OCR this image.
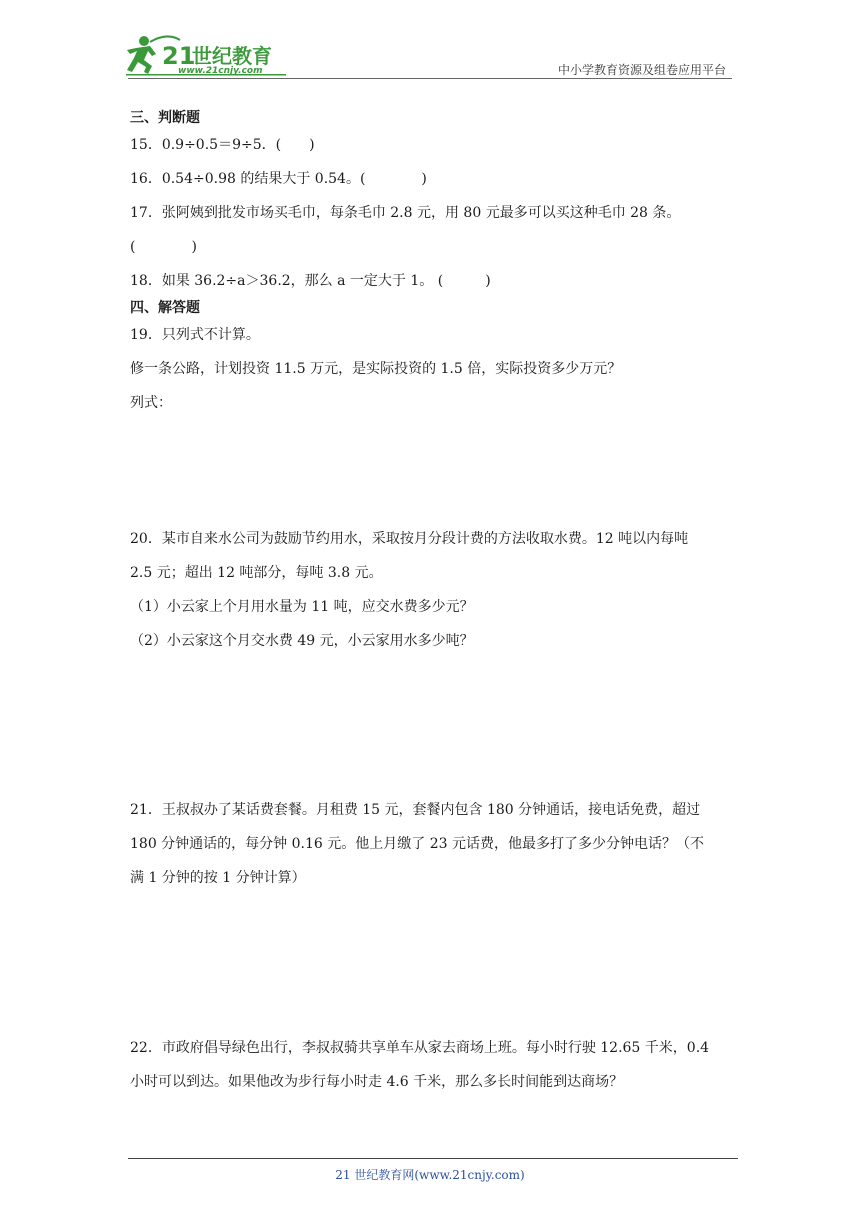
21
世纪教育
www.21cnjy.com	中小学教育资源及组卷应用平台
三、判断题
15．0.9÷0.5＝9÷5．(　　)
16．0.54÷0.98 的结果大于 0.54。(　　　　)
17．张阿姨到批发市场买毛巾，每条毛巾 2.8 元，用 80 元最多可以买这种毛巾 28 条。
(　　　　)
18．如果 36.2÷a＞36.2，那么 a 一定大于 1。 (　　　)
四、解答题
19．只列式不计算。
修一条公路，计划投资 11.5 万元，是实际投资的 1.5 倍，实际投资多少万元？
列式：
20．某市自来水公司为鼓励节约用水，采取按月分段计费的方法收取水费。12 吨以内每吨
2.5 元；超出 12 吨部分，每吨 3.8 元。
（1）小云家上个月用水量为 11 吨，应交水费多少元？
（2）小云家这个月交水费 49 元，小云家用水多少吨？
21．王叔叔办了某话费套餐。月租费 15 元，套餐内包含 180 分钟通话，接电话免费，超过
180 分钟通话的，每分钟 0.16 元。他上月缴了 23 元话费，他最多打了多少分钟电话？（不
满 1 分钟的按 1 分钟计算）
22．市政府倡导绿色出行，李叔叔骑共享单车从家去商场上班。每小时行驶 12.65 千米，0.4
小时可以到达。如果他改为步行每小时走 4.6 千米，那么多长时间能到达商场？
21 世纪教育网(www.21cnjy.com)
